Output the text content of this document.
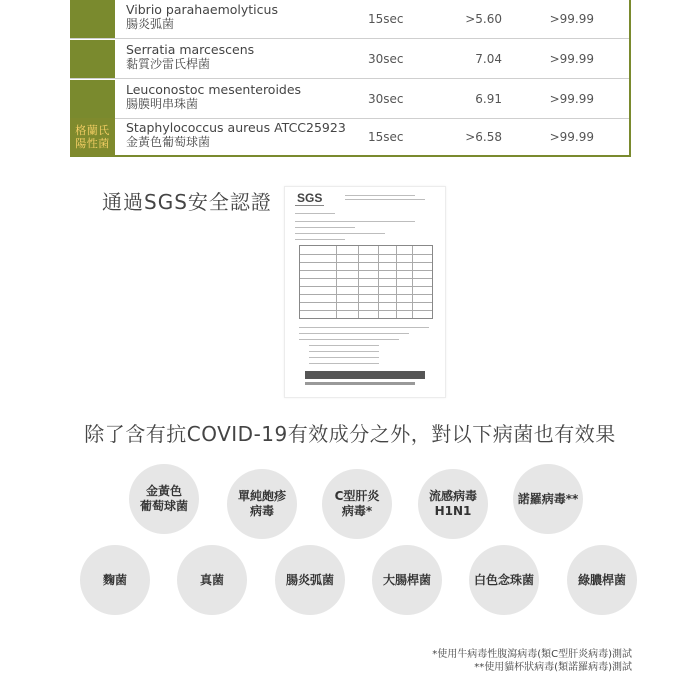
Vibrio parahaemolyticus
腸炎弧菌	15sec	>5.60	>99.99
Serratia marcescens
黏質沙雷氏桿菌	30sec	7.04	>99.99
Leuconostoc mesenteroides
腸膜明串珠菌	30sec	6.91	>99.99
格蘭氏
陽性菌
Staphylococcus aureus ATCC25923
金黃色葡萄球菌	15sec	>6.58	>99.99
通過SGS安全認證 SGS
除了含有抗COVID-19有效成分之外，對以下病菌也有效果
金黃色
葡萄球菌
單純皰疹
病毒
C型肝炎
病毒*
流感病毒
H1N1
諾羅病毒**
麴菌	真菌	腸炎弧菌	大腸桿菌	白色念珠菌	綠膿桿菌
*使用牛病毒性腹瀉病毒(類C型肝炎病毒)測試
**使用貓杯狀病毒(類諾羅病毒)測試
